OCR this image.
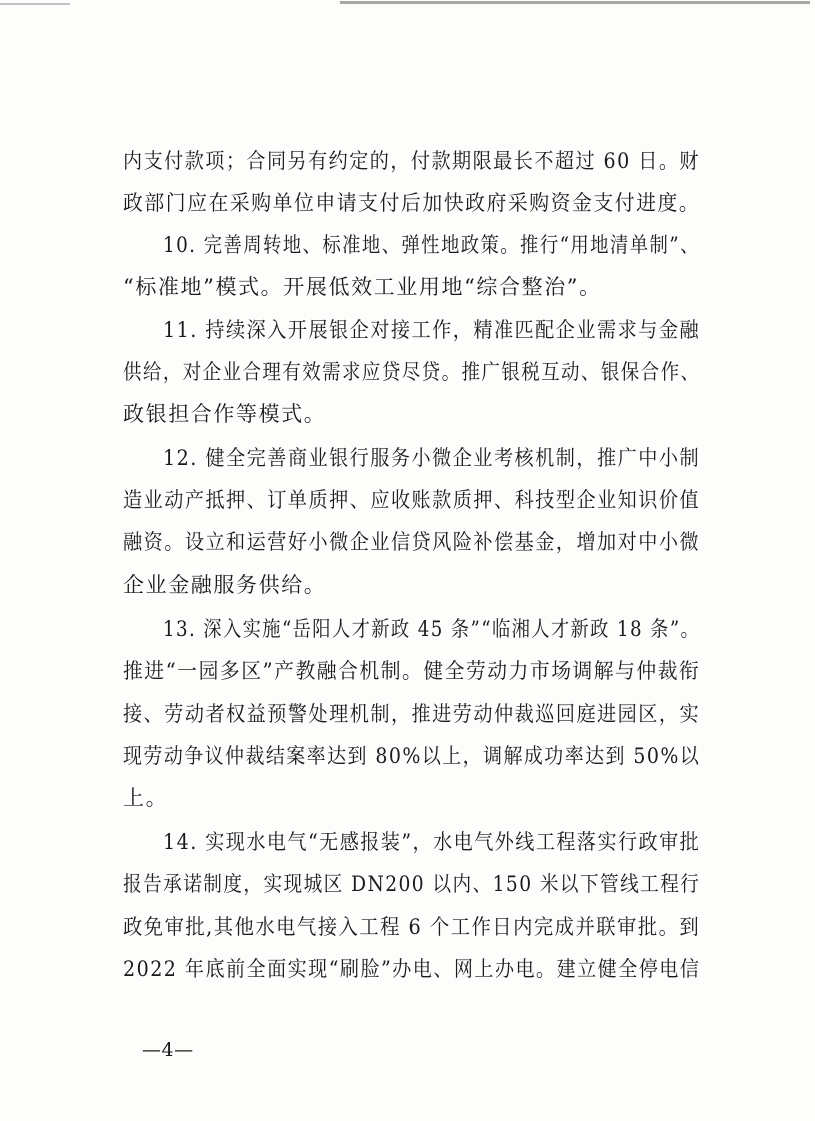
内支付款项；合同另有约定的，付款期限最长不超过 60 日。财
政部门应在采购单位申请支付后加快政府采购资金支付进度。
10. 完善周转地、标准地、弹性地政策。推行“用地清单制”、
“标准地”模式。开展低效工业用地“综合整治”。
11. 持续深入开展银企对接工作，精准匹配企业需求与金融
供给，对企业合理有效需求应贷尽贷。推广银税互动、银保合作、
政银担合作等模式。
12. 健全完善商业银行服务小微企业考核机制，推广中小制
造业动产抵押、订单质押、应收账款质押、科技型企业知识价值
融资。设立和运营好小微企业信贷风险补偿基金，增加对中小微
企业金融服务供给。
13. 深入实施“岳阳人才新政 45 条”“临湘人才新政 18 条”。
推进“一园多区”产教融合机制。健全劳动力市场调解与仲裁衔
接、劳动者权益预警处理机制，推进劳动仲裁巡回庭进园区，实
现劳动争议仲裁结案率达到 80%以上，调解成功率达到 50%以
上。
14. 实现水电气“无感报装”，水电气外线工程落实行政审批
报告承诺制度，实现城区 DN200 以内、150 米以下管线工程行
政免审批,其他水电气接入工程 6 个工作日内完成并联审批。到
2022 年底前全面实现“刷脸”办电、网上办电。建立健全停电信
—4—
